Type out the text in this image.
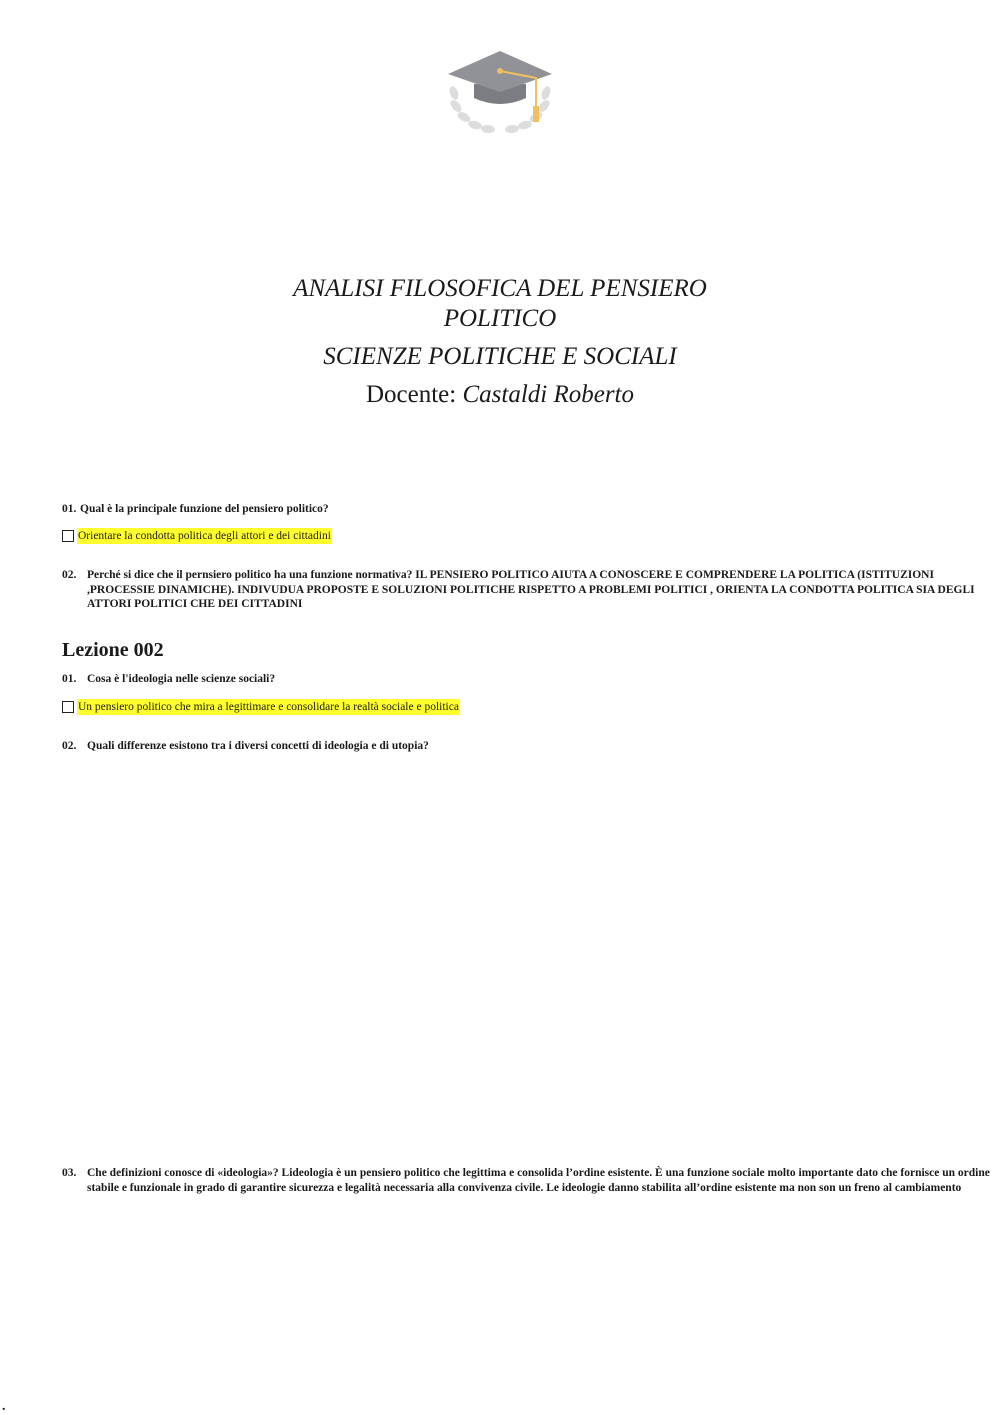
ANALISI FILOSOFICA DEL PENSIERO
POLITICO
SCIENZE POLITICHE E SOCIALI
Docente: Castaldi Roberto
01. Qual è la principale funzione del pensiero politico?
Orientare la condotta politica degli attori e dei cittadini
02. Perché si dice che il pernsiero politico ha una funzione normativa? IL PENSIERO POLITICO AIUTA A CONOSCERE E COMPRENDERE LA POLITICA (ISTITUZIONI ,PROCESSIE DINAMICHE). INDIVUDUA PROPOSTE E SOLUZIONI POLITICHE RISPETTO A PROBLEMI POLITICI , ORIENTA LA CONDOTTA POLITICA SIA DEGLI ATTORI POLITICI CHE DEI CITTADINI
Lezione 002
01. Cosa è l'ideologia nelle scienze sociali?
Un pensiero politico che mira a legittimare e consolidare la realtà sociale e politica
02. Quali differenze esistono tra i diversi concetti di ideologia e di utopia?
03. Che definizioni conosce di «ideologia»? Lideologia è un pensiero politico che legittima e consolida l’ordine esistente. È una funzione sociale molto importante dato che fornisce un ordine stabile e funzionale in grado di garantire sicurezza e legalità necessaria alla convivenza civile. Le ideologie danno stabilita all’ordine esistente ma non son un freno al cambiamento
.
